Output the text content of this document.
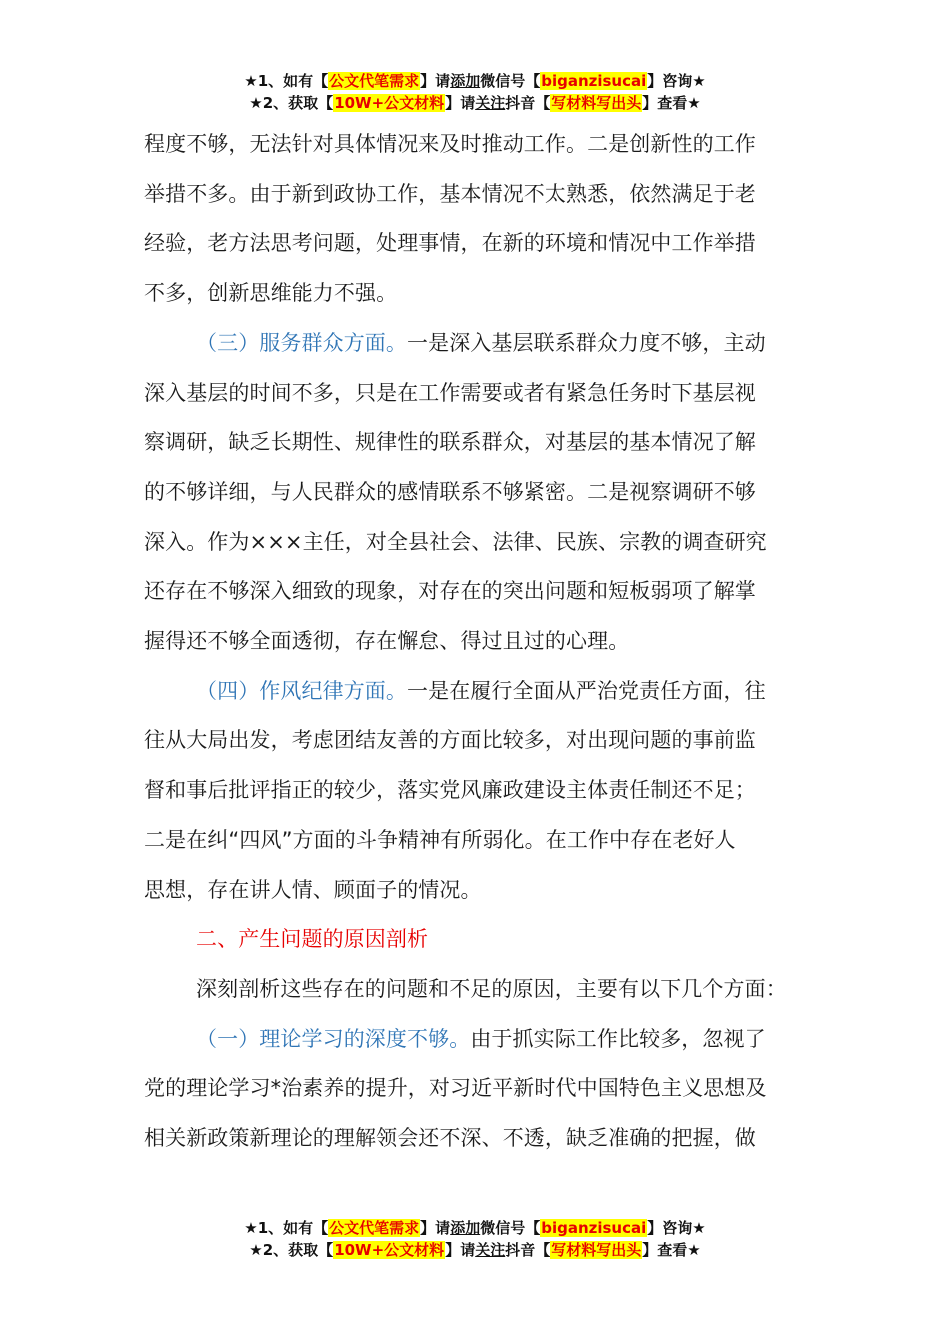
★1、如有【公文代笔需求】请添加微信号【biganzisucai】咨询★
★2、获取【10W+公文材料】请关注抖音【写材料写出头】查看★

程度不够，无法针对具体情况来及时推动工作。二是创新性的工作
举措不多。由于新到政协工作，基本情况不太熟悉，依然满足于老
经验，老方法思考问题，处理事情，在新的环境和情况中工作举措
不多，创新思维能力不强。

（三）服务群众方面。一是深入基层联系群众力度不够，主动
深入基层的时间不多，只是在工作需要或者有紧急任务时下基层视
察调研，缺乏长期性、规律性的联系群众，对基层的基本情况了解
的不够详细，与人民群众的感情联系不够紧密。二是视察调研不够
深入。作为×××主任，对全县社会、法律、民族、宗教的调查研究
还存在不够深入细致的现象，对存在的突出问题和短板弱项了解掌
握得还不够全面透彻，存在懈怠、得过且过的心理。

（四）作风纪律方面。一是在履行全面从严治党责任方面，往
往从大局出发，考虑团结友善的方面比较多，对出现问题的事前监
督和事后批评指正的较少，落实党风廉政建设主体责任制还不足；
二是在纠“四风”方面的斗争精神有所弱化。在工作中存在老好人
思想，存在讲人情、顾面子的情况。

二、产生问题的原因剖析

深刻剖析这些存在的问题和不足的原因，主要有以下几个方面：

（一）理论学习的深度不够。由于抓实际工作比较多，忽视了
党的理论学习*治素养的提升，对习近平新时代中国特色主义思想及
相关新政策新理论的理解领会还不深、不透，缺乏准确的把握，做

★1、如有【公文代笔需求】请添加微信号【biganzisucai】咨询★
★2、获取【10W+公文材料】请关注抖音【写材料写出头】查看★
